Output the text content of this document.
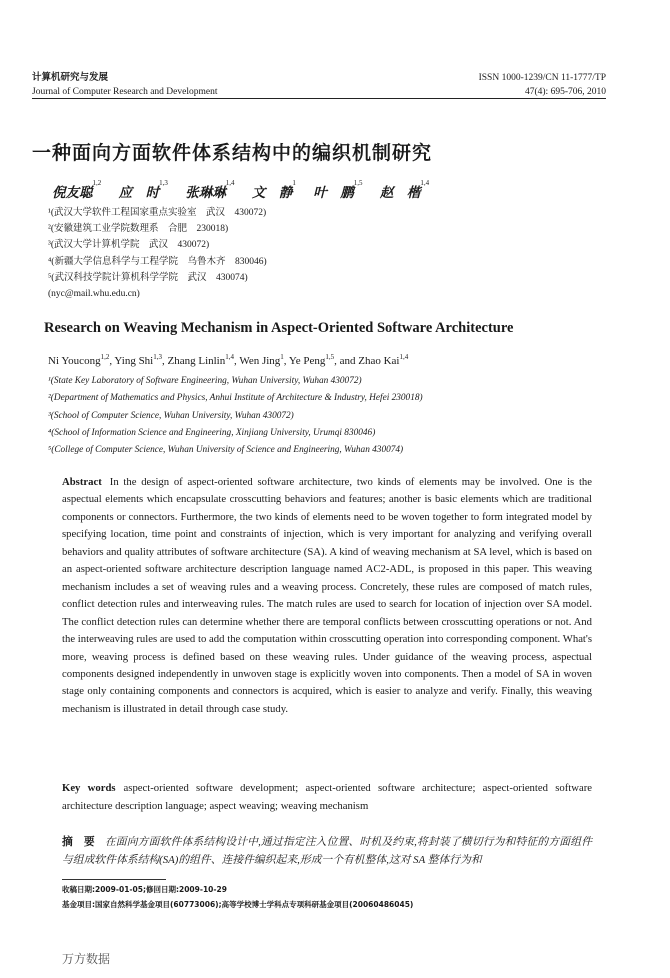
计算机研究与发展
Journal of Computer Research and Development
ISSN 1000-1239/CN 11-1777/TP
47(4): 695-706, 2010
一种面向方面软件体系结构中的编织机制研究
倪友聪$^{1,2}$ 应　时$^{1,3}$ 张琳琳$^{1,4}$ 文　静$^1$ 叶　鹏$^{1,5}$ 赵　楷$^{1,4}$
¹(武汉大学软件工程国家重点实验室　武汉　430072)
²(安徽建筑工业学院数理系　合肥　230018)
³(武汉大学计算机学院　武汉　430072)
⁴(新疆大学信息科学与工程学院　乌鲁木齐　830046)
⁵(武汉科技学院计算机科学学院　武汉　430074)
(nyc@mail.whu.edu.cn)
Research on Weaving Mechanism in Aspect-Oriented Software Architecture
Ni Youcong$^{1,2}$, Ying Shi$^{1,3}$, Zhang Linlin$^{1,4}$, Wen Jing$^1$, Ye Peng$^{1,5}$, and Zhao Kai$^{1,4}$
¹(State Key Laboratory of Software Engineering, Wuhan University, Wuhan 430072)
²(Department of Mathematics and Physics, Anhui Institute of Architecture & Industry, Hefei 230018)
³(School of Computer Science, Wuhan University, Wuhan 430072)
⁴(School of Information Science and Engineering, Xinjiang University, Urumqi 830046)
⁵(College of Computer Science, Wuhan University of Science and Engineering, Wuhan 430074)
Abstract In the design of aspect-oriented software architecture, two kinds of elements may be involved. One is the aspectual elements which encapsulate crosscutting behaviors and features; another is basic elements which are traditional components or connectors. Furthermore, the two kinds of elements need to be woven together to form integrated model by specifying location, time point and constraints of injection, which is very important for analyzing and verifying overall behaviors and quality attributes of software architecture (SA). A kind of weaving mechanism at SA level, which is based on an aspect-oriented software architecture description language named AC2-ADL, is proposed in this paper. This weaving mechanism includes a set of weaving rules and a weaving process. Concretely, these rules are composed of match rules, conflict detection rules and interweaving rules. The match rules are used to search for location of injection over SA model. The conflict detection rules can determine whether there are temporal conflicts between crosscutting operations or not. And the interweaving rules are used to add the computation within crosscutting operation into corresponding component. What's more, weaving process is defined based on these weaving rules. Under guidance of the weaving process, aspectual components designed independently in unwoven stage is explicitly woven into components. Then a model of SA in woven stage only containing components and connectors is acquired, which is easier to analyze and verify. Finally, this weaving mechanism is illustrated in detail through case study.
Key words aspect-oriented software development; aspect-oriented software architecture; aspect-oriented software architecture description language; aspect weaving; weaving mechanism
摘　要 在面向方面软件体系结构设计中,通过指定注入位置、时机及约束,将封装了横切行为和特征的方面组件与组成软件体系结构(SA)的组件、连接件编织起来,形成一个有机整体,这对 SA 整体行为和
收稿日期:2009-01-05;修回日期:2009-10-29
基金项目:国家自然科学基金项目(60773006);高等学校博士学科点专项科研基金项目(20060486045)
万方数据
